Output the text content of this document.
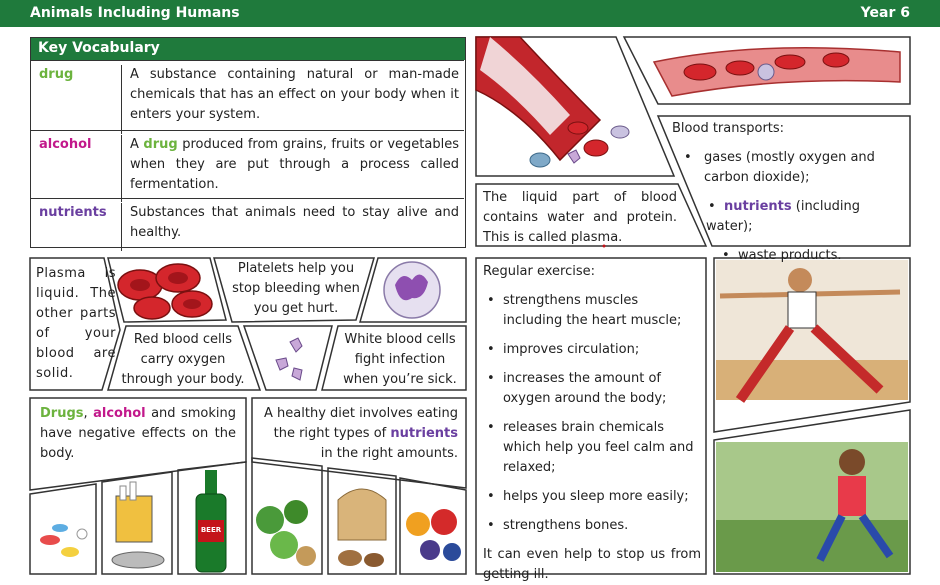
Animals Including Humans	Year 6
Key Vocabulary
drug	A substance containing natural or man-made chemicals that has an effect on your body when it enters your system.
alcohol	A drug produced from grains, fruits or vegetables when they are put through a process called fermentation.
nutrients	Substances that animals need to stay alive and healthy.
BEER
Plasma is liquid. The other parts of your blood are solid.
Platelets help you stop bleeding when you get hurt.
Red blood cells carry oxygen through your body.
White blood cells fight infection when you’re sick.
Drugs, alcohol and smoking have negative effects on the body.
A healthy diet involves eating the right types of nutrients in the right amounts.
The liquid part of blood contains water and protein. This is called plasma.
Blood transports:
• gases (mostly oxygen and carbon dioxide);
• nutrients (including water);
• waste products.
Regular exercise:
• strengthens muscles including the heart muscle;
• improves circulation;
• increases the amount of oxygen around the body;
• releases brain chemicals which help you feel calm and relaxed;
• helps you sleep more easily;
• strengthens bones.
It can even help to stop us from getting ill.
